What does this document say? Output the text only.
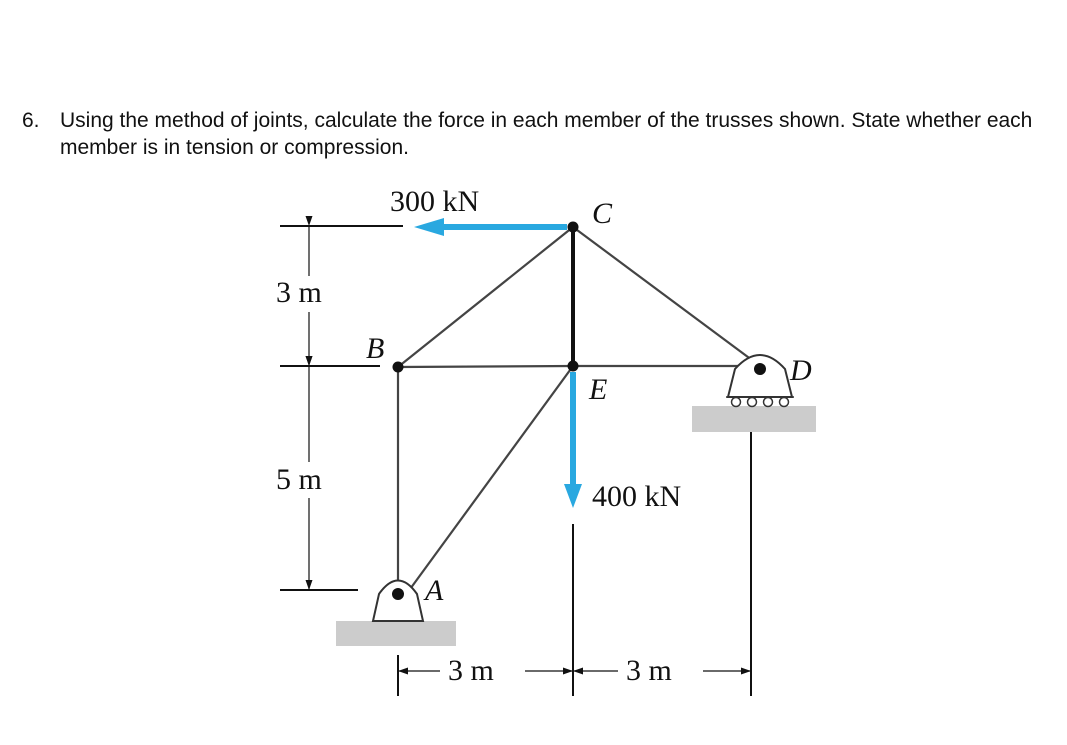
6. Using the method of joints, calculate the force in each member of the trusses shown. State whether each member is in tension or compression.
300 kN
400 kN
C
B
E
D
A
3 m
5 m
3 m	3 m
